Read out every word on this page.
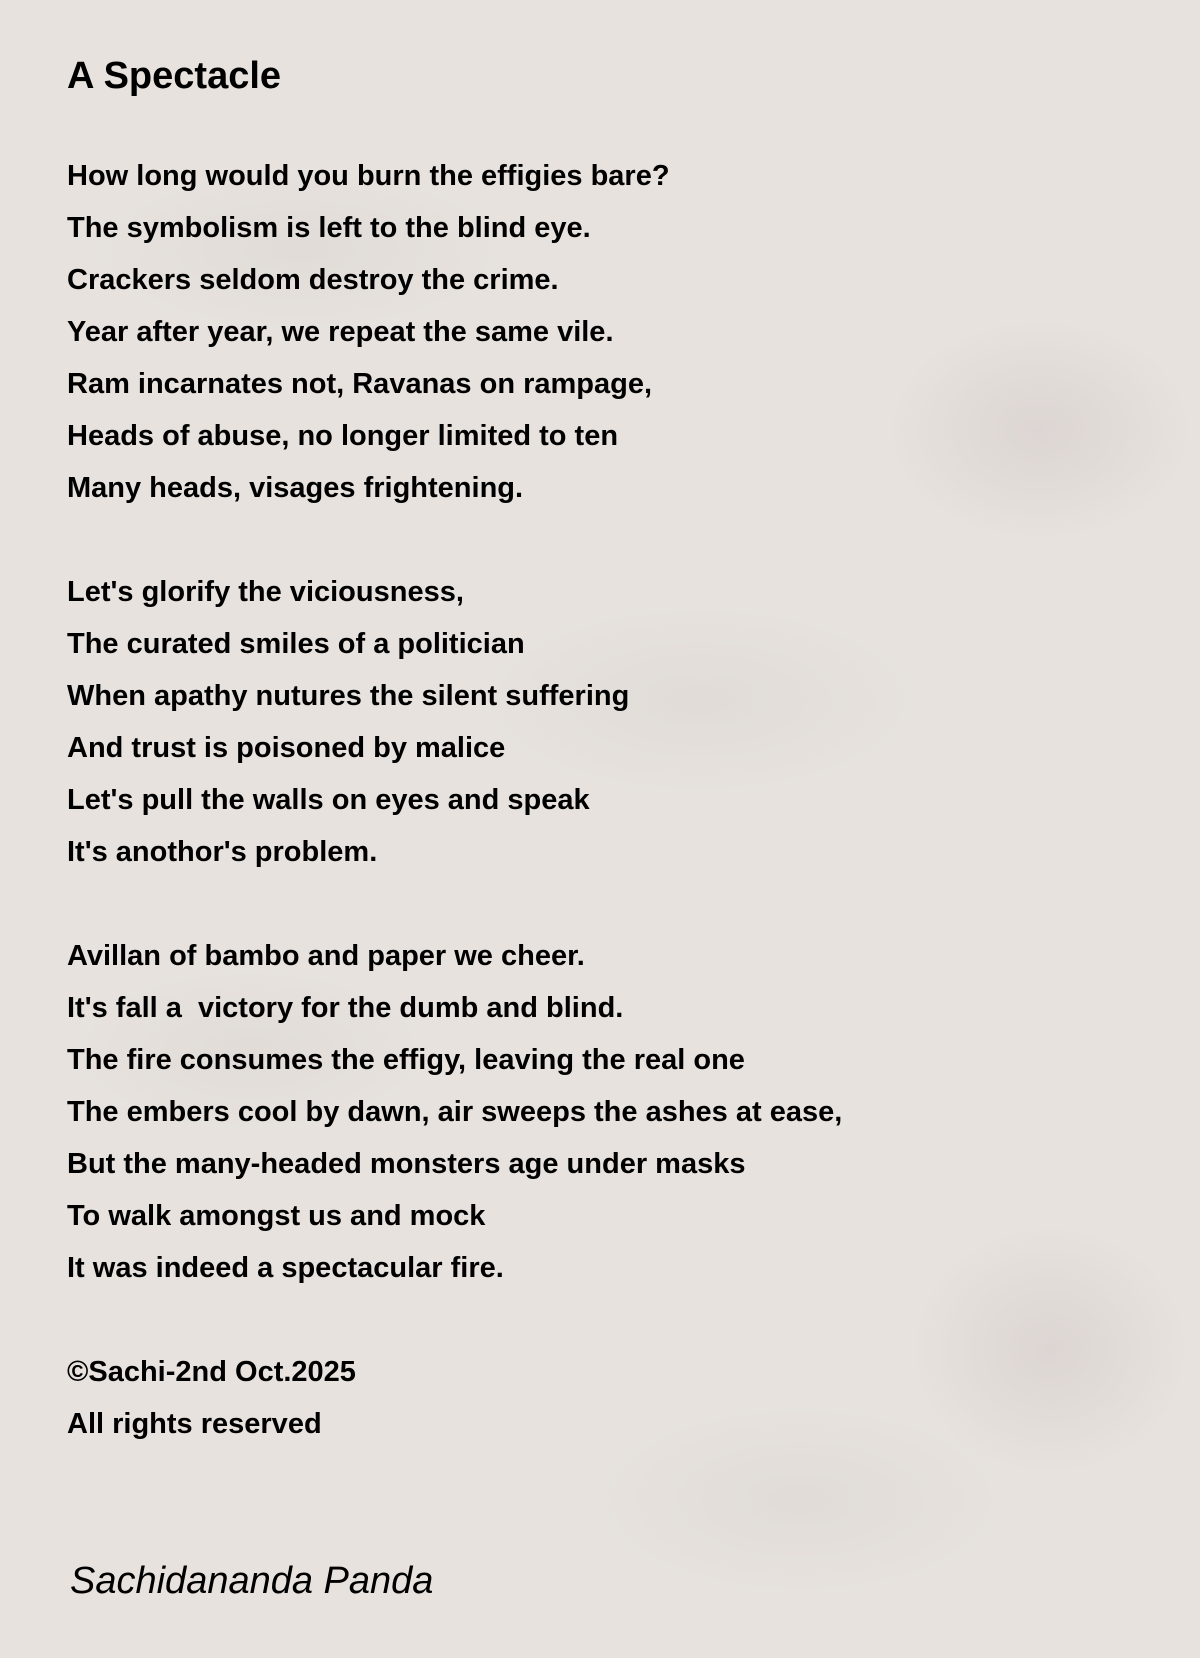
A Spectacle
How long would you burn the effigies bare?
The symbolism is left to the blind eye.
Crackers seldom destroy the crime.
Year after year, we repeat the same vile.
Ram incarnates not, Ravanas on rampage,
Heads of abuse, no longer limited to ten
Many heads, visages frightening.
Let's glorify the viciousness,
The curated smiles of a politician
When apathy nutures the silent suffering
And trust is poisoned by malice
Let's pull the walls on eyes and speak
It's anothor's problem.
Avillan of bambo and paper we cheer.
It's fall a  victory for the dumb and blind.
The fire consumes the effigy, leaving the real one
The embers cool by dawn, air sweeps the ashes at ease,
But the many-headed monsters age under masks
To walk amongst us and mock
It was indeed a spectacular fire.
©Sachi-2nd Oct.2025
All rights reserved
Sachidananda Panda
